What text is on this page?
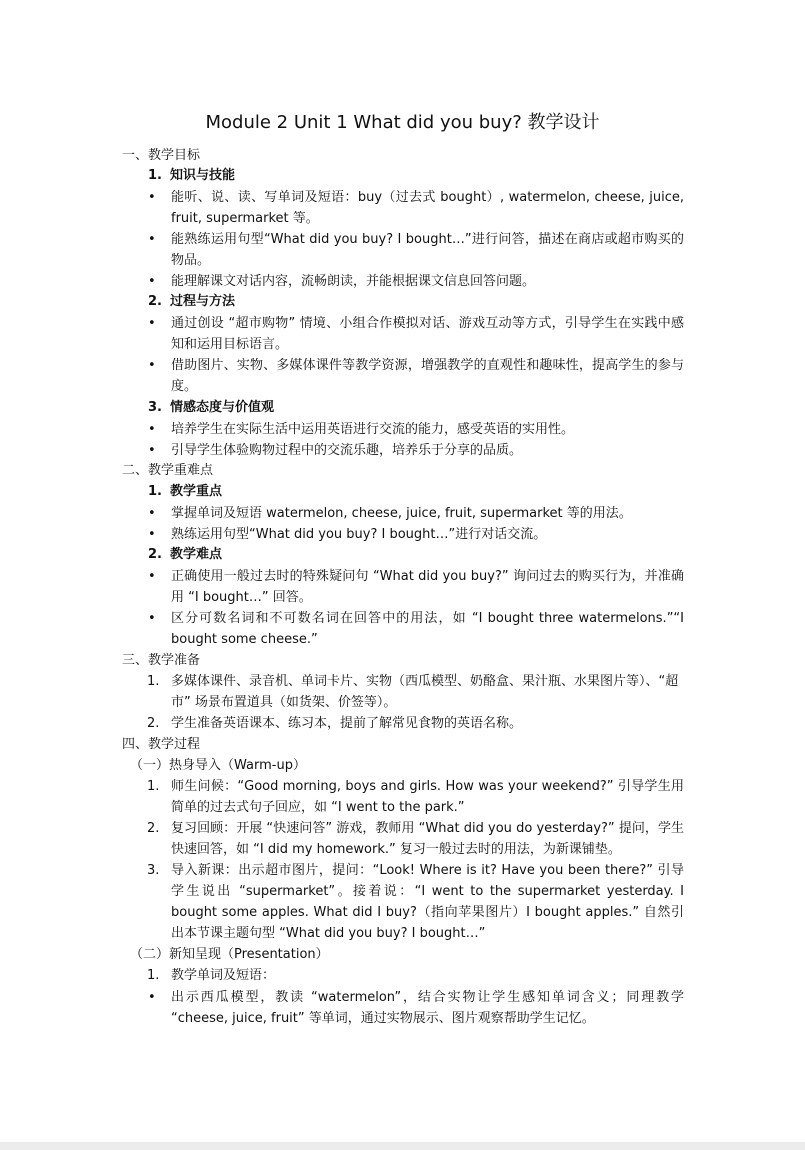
Module 2 Unit 1 What did you buy? 教学设计
一、教学目标
1. 知识与技能
• 能听、说、读、写单词及短语：buy（过去式 bought）, watermelon, cheese, juice, fruit, supermarket 等。
• 能熟练运用句型“What did you buy? I bought…”进行问答，描述在商店或超市购买的物品。
• 能理解课文对话内容，流畅朗读，并能根据课文信息回答问题。
2. 过程与方法
• 通过创设 “超市购物” 情境、小组合作模拟对话、游戏互动等方式，引导学生在实践中感知和运用目标语言。
• 借助图片、实物、多媒体课件等教学资源，增强教学的直观性和趣味性，提高学生的参与度。
3. 情感态度与价值观
• 培养学生在实际生活中运用英语进行交流的能力，感受英语的实用性。
• 引导学生体验购物过程中的交流乐趣，培养乐于分享的品质。
二、教学重难点
1. 教学重点
• 掌握单词及短语 watermelon, cheese, juice, fruit, supermarket 等的用法。
• 熟练运用句型“What did you buy? I bought…”进行对话交流。
2. 教学难点
• 正确使用一般过去时的特殊疑问句 “What did you buy?” 询问过去的购买行为，并准确用 “I bought…” 回答。
• 区分可数名词和不可数名词在回答中的用法，如 “I bought three watermelons.”“I bought some cheese.”
三、教学准备
1. 多媒体课件、录音机、单词卡片、实物（西瓜模型、奶酪盒、果汁瓶、水果图片等）、“超市” 场景布置道具（如货架、价签等）。
2. 学生准备英语课本、练习本，提前了解常见食物的英语名称。
四、教学过程
（一）热身导入（Warm-up）
1. 师生问候：“Good morning, boys and girls. How was your weekend?” 引导学生用简单的过去式句子回应，如 “I went to the park.”
2. 复习回顾：开展 “快速问答” 游戏，教师用 “What did you do yesterday?” 提问，学生快速回答，如 “I did my homework.” 复习一般过去时的用法，为新课铺垫。
3. 导入新课：出示超市图片，提问：“Look! Where is it? Have you been there?” 引导学生说出 “supermarket”。接着说：“I went to the supermarket yesterday. I bought some apples. What did I buy?（指向苹果图片）I bought apples.” 自然引出本节课主题句型 “What did you buy? I bought…”
（二）新知呈现（Presentation）
1. 教学单词及短语：
• 出示西瓜模型，教读 “watermelon”，结合实物让学生感知单词含义；同理教学 “cheese, juice, fruit” 等单词，通过实物展示、图片观察帮助学生记忆。
